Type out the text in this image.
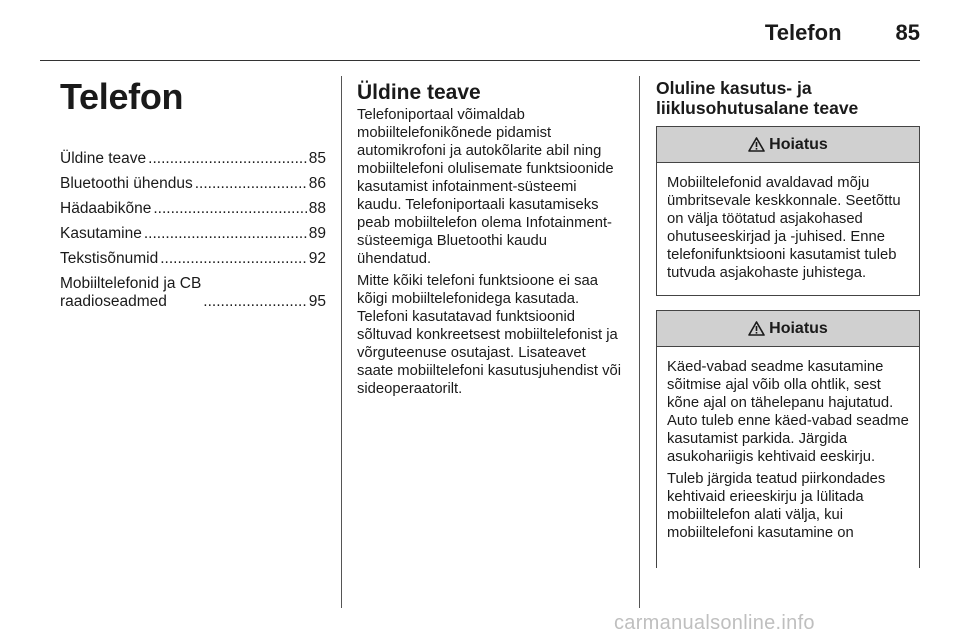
Telefon 85
Telefon
Üldine teave .....	85
Bluetoothi ühendus .....	86
Hädaabikõne .....	88
Kasutamine .....	89
Tekstisõnumid .....	92
Mobiiltelefonid ja CB
raadioseadmed .....	95
Üldine teave

Telefoniportaal võimaldab mobiiltelefonikõnede pidamist automikrofoni ja autokõlarite abil ning mobiiltelefoni olulisemate funktsioonide kasutamist infotainment-süsteemi kaudu. Telefoniportaali kasutamiseks peab mobiiltelefon olema Infotainment-süsteemiga Bluetoothi kaudu ühendatud.

Mitte kõiki telefoni funktsioone ei saa kõigi mobiiltelefonidega kasutada. Telefoni kasutatavad funktsioonid sõltuvad konkreetsest mobiiltelefonist ja võrguteenuse osutajast. Lisateavet saate mobiiltelefoni kasutusjuhendist või sideoperaatorilt.

Oluline kasutus- ja liiklusohutusalane teave
Hoiatus

Mobiiltelefonid avaldavad mõju ümbritsevale keskkonnale. Seetõttu on välja töötatud asjakohased ohutuseeskirjad ja -juhised. Enne telefonifunktsiooni kasutamist tuleb tutvuda asjakohaste juhistega.

Hoiatus

Käed-vabad seadme kasutamine sõitmise ajal võib olla ohtlik, sest kõne ajal on tähelepanu hajutatud. Auto tuleb enne käed-vabad seadme kasutamist parkida. Järgida asukohariigis kehtivaid eeskirju.

Tuleb järgida teatud piirkondades kehtivaid erieeskirju ja lülitada mobiiltelefon alati välja, kui mobiiltelefoni kasutamine on

carmanualsonline.info
